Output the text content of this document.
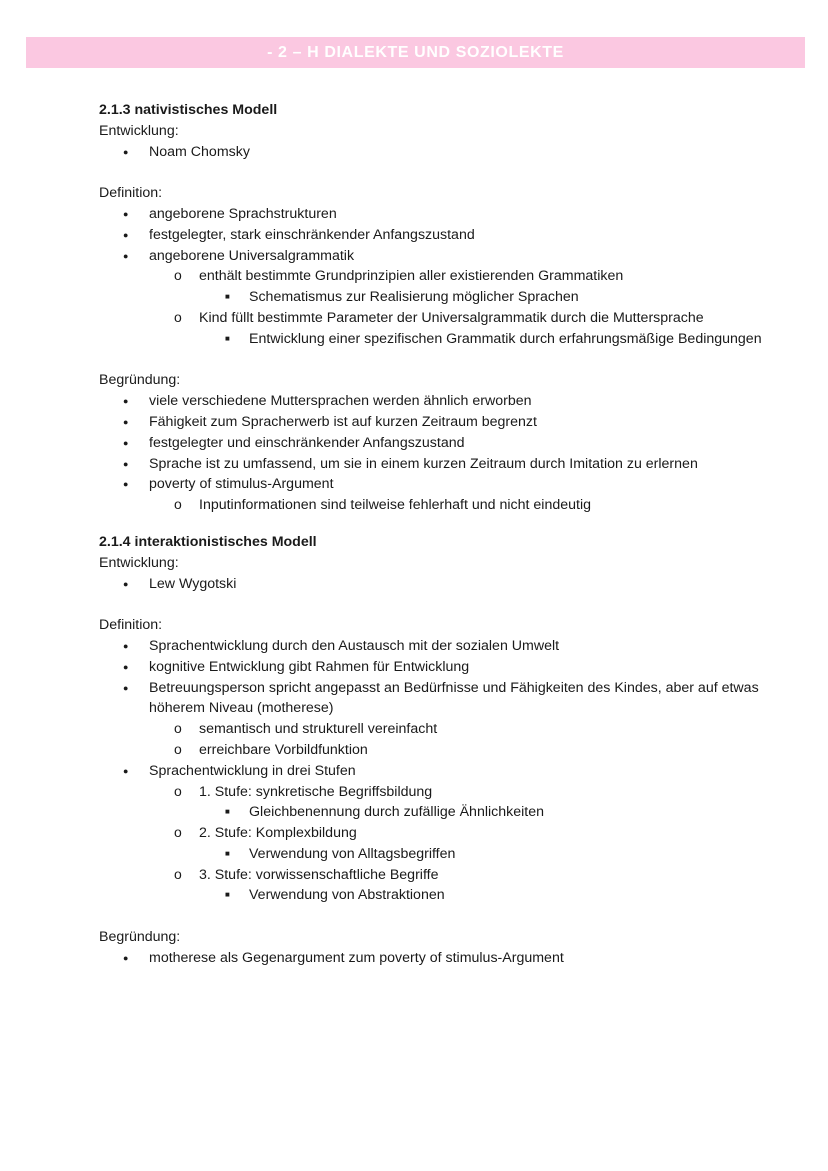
- 2 – H DIALEKTE UND SOZIOLEKTE

2.1.3 nativistisches Modell

Entwicklung:

● Noam Chomsky

Definition:

● angeborene Sprachstrukturen
● festgelegter, stark einschränkender Anfangszustand
● angeborene Universalgrammatik
o enthält bestimmte Grundprinzipien aller existierenden Grammatiken
■ Schematismus zur Realisierung möglicher Sprachen
o Kind füllt bestimmte Parameter der Universalgrammatik durch die Muttersprache
■ Entwicklung einer spezifischen Grammatik durch erfahrungsmäßige Bedingungen

Begründung:

● viele verschiedene Muttersprachen werden ähnlich erworben
● Fähigkeit zum Spracherwerb ist auf kurzen Zeitraum begrenzt
● festgelegter und einschränkender Anfangszustand
● Sprache ist zu umfassend, um sie in einem kurzen Zeitraum durch Imitation zu erlernen
● poverty of stimulus-Argument
o Inputinformationen sind teilweise fehlerhaft und nicht eindeutig

2.1.4 interaktionistisches Modell

Entwicklung:

● Lew Wygotski

Definition:

● Sprachentwicklung durch den Austausch mit der sozialen Umwelt
● kognitive Entwicklung gibt Rahmen für Entwicklung
● Betreuungsperson spricht angepasst an Bedürfnisse und Fähigkeiten des Kindes, aber auf etwas höherem Niveau (motherese)
o semantisch und strukturell vereinfacht
o erreichbare Vorbildfunktion
● Sprachentwicklung in drei Stufen
o 1. Stufe: synkretische Begriffsbildung
■ Gleichbenennung durch zufällige Ähnlichkeiten
o 2. Stufe: Komplexbildung
■ Verwendung von Alltagsbegriffen
o 3. Stufe: vorwissenschaftliche Begriffe
■ Verwendung von Abstraktionen

Begründung:

● motherese als Gegenargument zum poverty of stimulus-Argument
